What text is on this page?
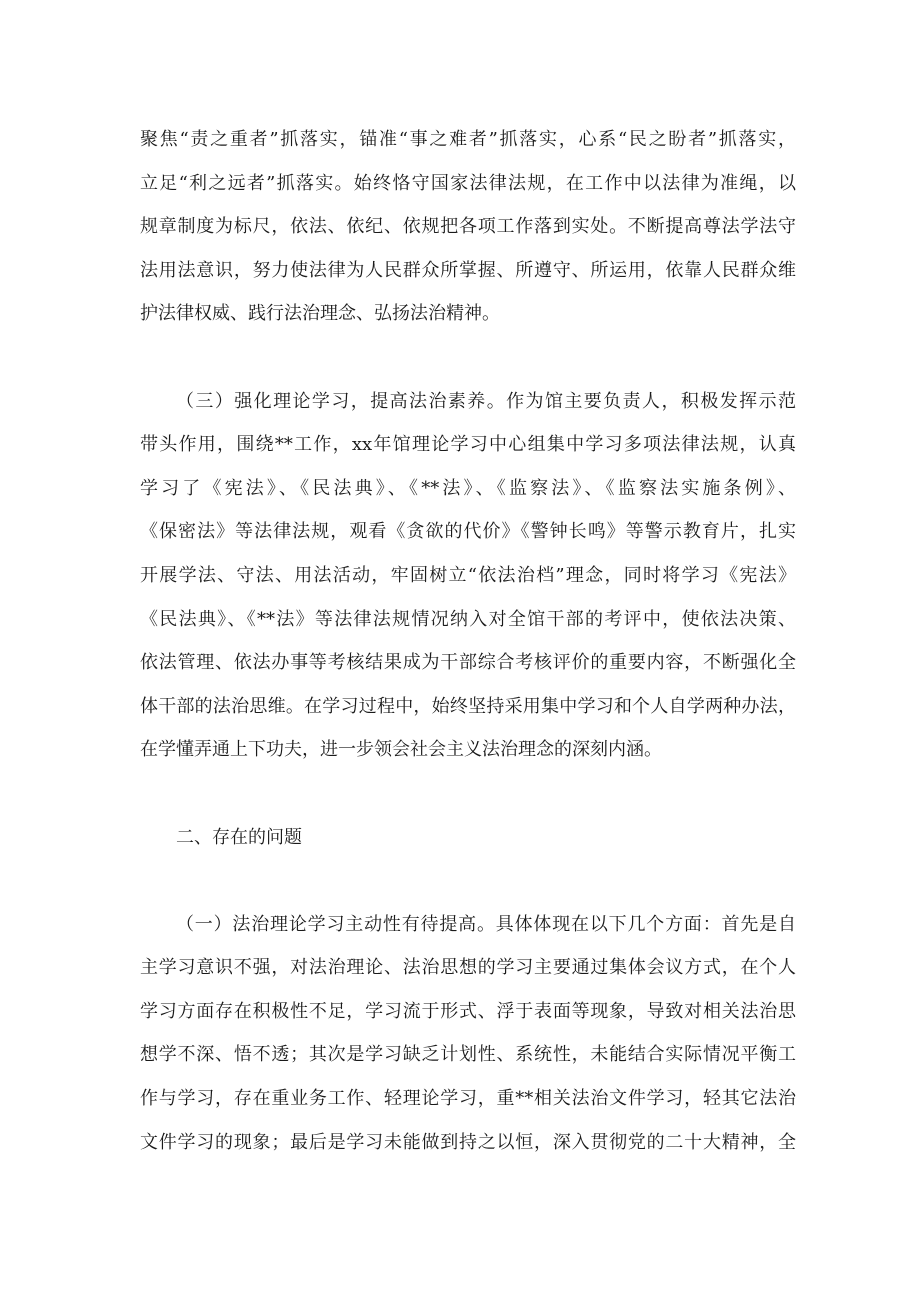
聚焦“责之重者”抓落实，锚准“事之难者”抓落实，心系“民之盼者”抓落实，
立足“利之远者”抓落实。始终恪守国家法律法规，在工作中以法律为准绳，以
规章制度为标尺，依法、依纪、依规把各项工作落到实处。不断提高尊法学法守
法用法意识，努力使法律为人民群众所掌握、所遵守、所运用，依靠人民群众维
护法律权威、践行法治理念、弘扬法治精神。
（三）强化理论学习，提高法治素养。作为馆主要负责人，积极发挥示范
带头作用，围绕**工作，xx年馆理论学习中心组集中学习多项法律法规，认真
学习了《宪法》、《民法典》、《**法》、《监察法》、《监察法实施条例》、
《保密法》等法律法规，观看《贪欲的代价》《警钟长鸣》等警示教育片，扎实
开展学法、守法、用法活动，牢固树立“依法治档”理念，同时将学习《宪法》
《民法典》、《**法》等法律法规情况纳入对全馆干部的考评中，使依法决策、
依法管理、依法办事等考核结果成为干部综合考核评价的重要内容，不断强化全
体干部的法治思维。在学习过程中，始终坚持采用集中学习和个人自学两种办法，
在学懂弄通上下功夫，进一步领会社会主义法治理念的深刻内涵。
二、存在的问题
（一）法治理论学习主动性有待提高。具体体现在以下几个方面：首先是自
主学习意识不强，对法治理论、法治思想的学习主要通过集体会议方式，在个人
学习方面存在积极性不足，学习流于形式、浮于表面等现象，导致对相关法治思
想学不深、悟不透；其次是学习缺乏计划性、系统性，未能结合实际情况平衡工
作与学习，存在重业务工作、轻理论学习，重**相关法治文件学习，轻其它法治
文件学习的现象；最后是学习未能做到持之以恒，深入贯彻党的二十大精神，全
